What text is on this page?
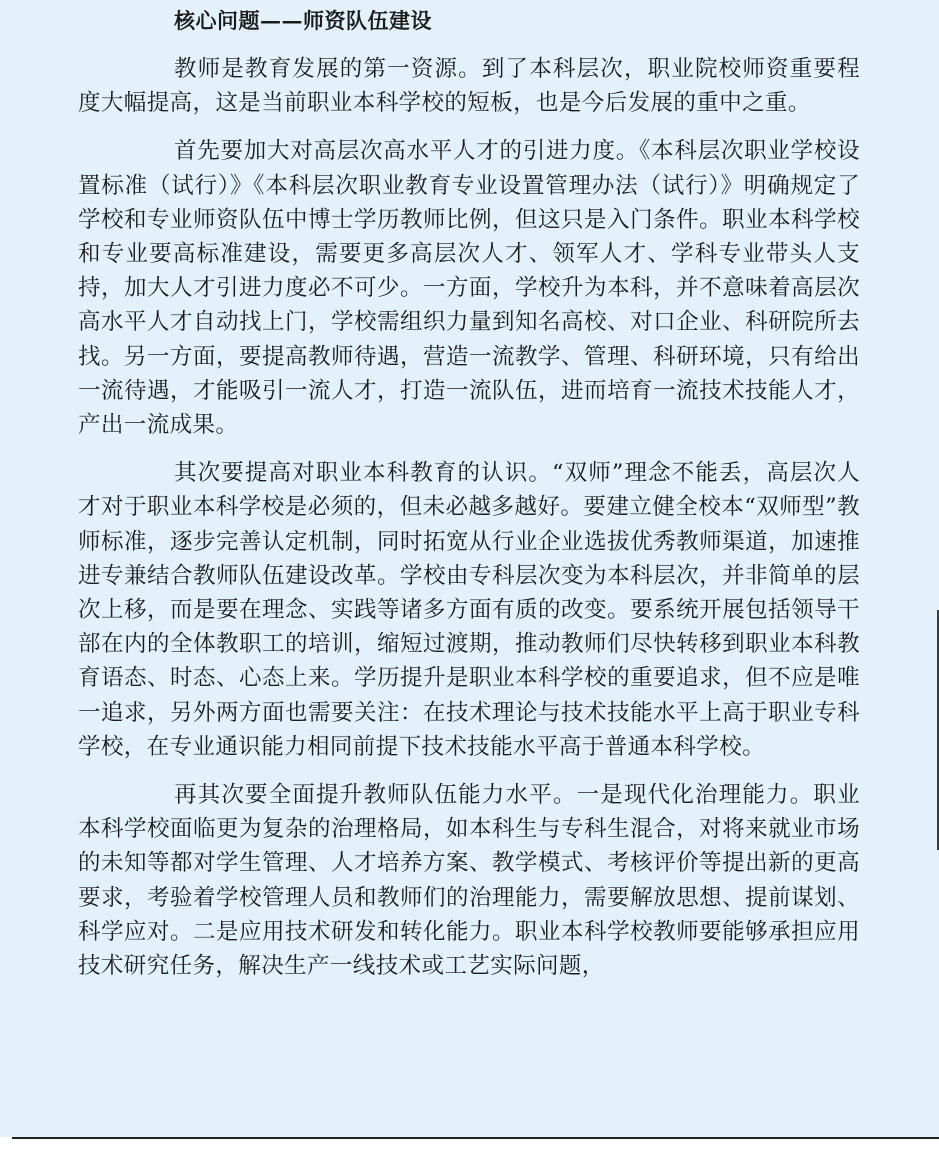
核心问题——师资队伍建设

教师是教育发展的第一资源。到了本科层次，职业院校师资重要程度大幅提高，这是当前职业本科学校的短板，也是今后发展的重中之重。

首先要加大对高层次高水平人才的引进力度。《本科层次职业学校设置标准（试行）》《本科层次职业教育专业设置管理办法（试行）》明确规定了学校和专业师资队伍中博士学历教师比例，但这只是入门条件。职业本科学校和专业要高标准建设，需要更多高层次人才、领军人才、学科专业带头人支持，加大人才引进力度必不可少。一方面，学校升为本科，并不意味着高层次高水平人才自动找上门，学校需组织力量到知名高校、对口企业、科研院所去找。另一方面，要提高教师待遇，营造一流教学、管理、科研环境，只有给出一流待遇，才能吸引一流人才，打造一流队伍，进而培育一流技术技能人才，产出一流成果。

其次要提高对职业本科教育的认识。“双师”理念不能丢，高层次人才对于职业本科学校是必须的，但未必越多越好。要建立健全校本“双师型”教师标准，逐步完善认定机制，同时拓宽从行业企业选拔优秀教师渠道，加速推进专兼结合教师队伍建设改革。学校由专科层次变为本科层次，并非简单的层次上移，而是要在理念、实践等诸多方面有质的改变。要系统开展包括领导干部在内的全体教职工的培训，缩短过渡期，推动教师们尽快转移到职业本科教育语态、时态、心态上来。学历提升是职业本科学校的重要追求，但不应是唯一追求，另外两方面也需要关注：在技术理论与技术技能水平上高于职业专科学校，在专业通识能力相同前提下技术技能水平高于普通本科学校。

再其次要全面提升教师队伍能力水平。一是现代化治理能力。职业本科学校面临更为复杂的治理格局，如本科生与专科生混合，对将来就业市场的未知等都对学生管理、人才培养方案、教学模式、考核评价等提出新的更高要求，考验着学校管理人员和教师们的治理能力，需要解放思想、提前谋划、科学应对。二是应用技术研发和转化能力。职业本科学校教师要能够承担应用技术研究任务，解决生产一线技术或工艺实际问题，
